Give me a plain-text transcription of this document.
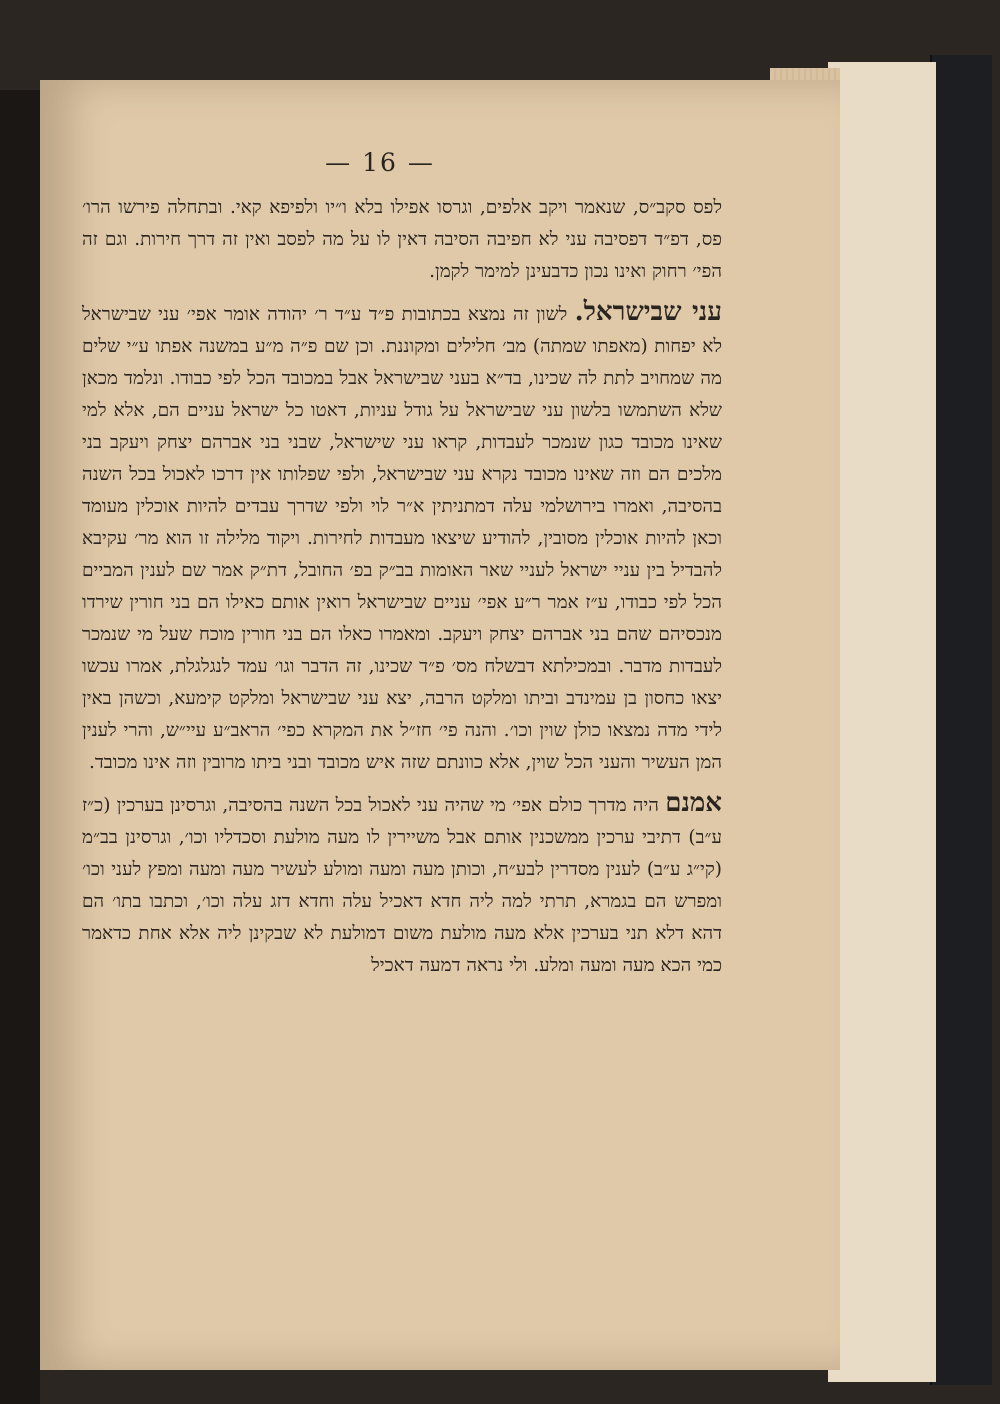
— 16 —

לפס סקב״ס, שנאמר ויקב אלפים, וגרסו אפילו בלא ו״יו ולפיפא קאי. ובתחלה פירשו הרו׳ פס, דפ״ד דפסיבה עני לא חפיבה הסיבה דאין לו על מה לפסב ואין זה דרך חירות. וגם זה הפי׳ רחוק ואינו נכון כדבעינן למימר לקמן.

עני שבישראל. לשון זה נמצא בכתובות פ״ד ע״ד ר׳ יהודה אומר אפי׳ עני שבישראל לא יפחות (מאפתו שמתה) מב׳ חלילים ומקוננת. וכן שם פ״ה מ״ע במשנה אפתו ע״י שלים מה שמחויב לתת לה שכינו, בד״א בעני שבישראל אבל במכובד הכל לפי כבודו. ונלמד מכאן שלא השתמשו בלשון עני שבישראל על גודל עניות, דאטו כל ישראל עניים הם, אלא למי שאינו מכובד כגון שנמכר לעבדות, קראו עני שישראל, שבני בני אברהם יצחק ויעקב בני מלכים הם וזה שאינו מכובד נקרא עני שבישראל, ולפי שפלותו אין דרכו לאכול בכל השנה בהסיבה, ואמרו בירושלמי עלה דמתניתין א״ר לוי ולפי שדרך עבדים להיות אוכלין מעומד וכאן להיות אוכלין מסובין, להודיע שיצאו מעבדות לחירות. ויקוד מלילה זו הוא מר׳ עקיבא להבדיל בין עניי ישראל לעניי שאר האומות בב״ק בפ׳ החובל, דת״ק אמר שם לענין המביים הכל לפי כבודו, ע״ז אמר ר״ע אפי׳ עניים שבישראל רואין אותם כאילו הם בני חורין שירדו מנכסיהם שהם בני אברהם יצחק ויעקב. ומאמרו כאלו הם בני חורין מוכח שעל מי שנמכר לעבדות מדבר. ובמכילתא דבשלח מס׳ פ״ד שכינו, זה הדבר וגו׳ עמד לנגלגלת, אמרו עכשו יצאו כחסון בן עמינדב וביתו ומלקט הרבה, יצא עני שבישראל ומלקט קימעא, וכשהן באין לידי מדה נמצאו כולן שוין וכו׳. והנה פי׳ חז״ל את המקרא כפי׳ הראב״ע עיי״ש, והרי לענין המן העשיר והעני הכל שוין, אלא כוונתם שזה איש מכובד ובני ביתו מרובין וזה אינו מכובד.

אמנם היה מדרך כולם אפי׳ מי שהיה עני לאכול בכל השנה בהסיבה, וגרסינן בערכין (כ״ז ע״ב) דתיבי ערכין ממשכנין אותם אבל משיירין לו מעה מולעת וסכדליו וכו׳, וגרסינן בב״מ (קי״ג ע״ב) לענין מסדרין לבע״ח, וכותן מעה ומעה ומולע לעשיר מעה ומעה ומפץ לעני וכו׳ ומפרש הם בגמרא, תרתי למה ליה חדא דאכיל עלה וחדא דזג עלה וכו׳, וכתבו בתו׳ הם דהא דלא תני בערכין אלא מעה מולעת משום דמולעת לא שבקינן ליה אלא אחת כדאמר כמי הכא מעה ומעה ומלע. ולי נראה דמעה דאכיל
